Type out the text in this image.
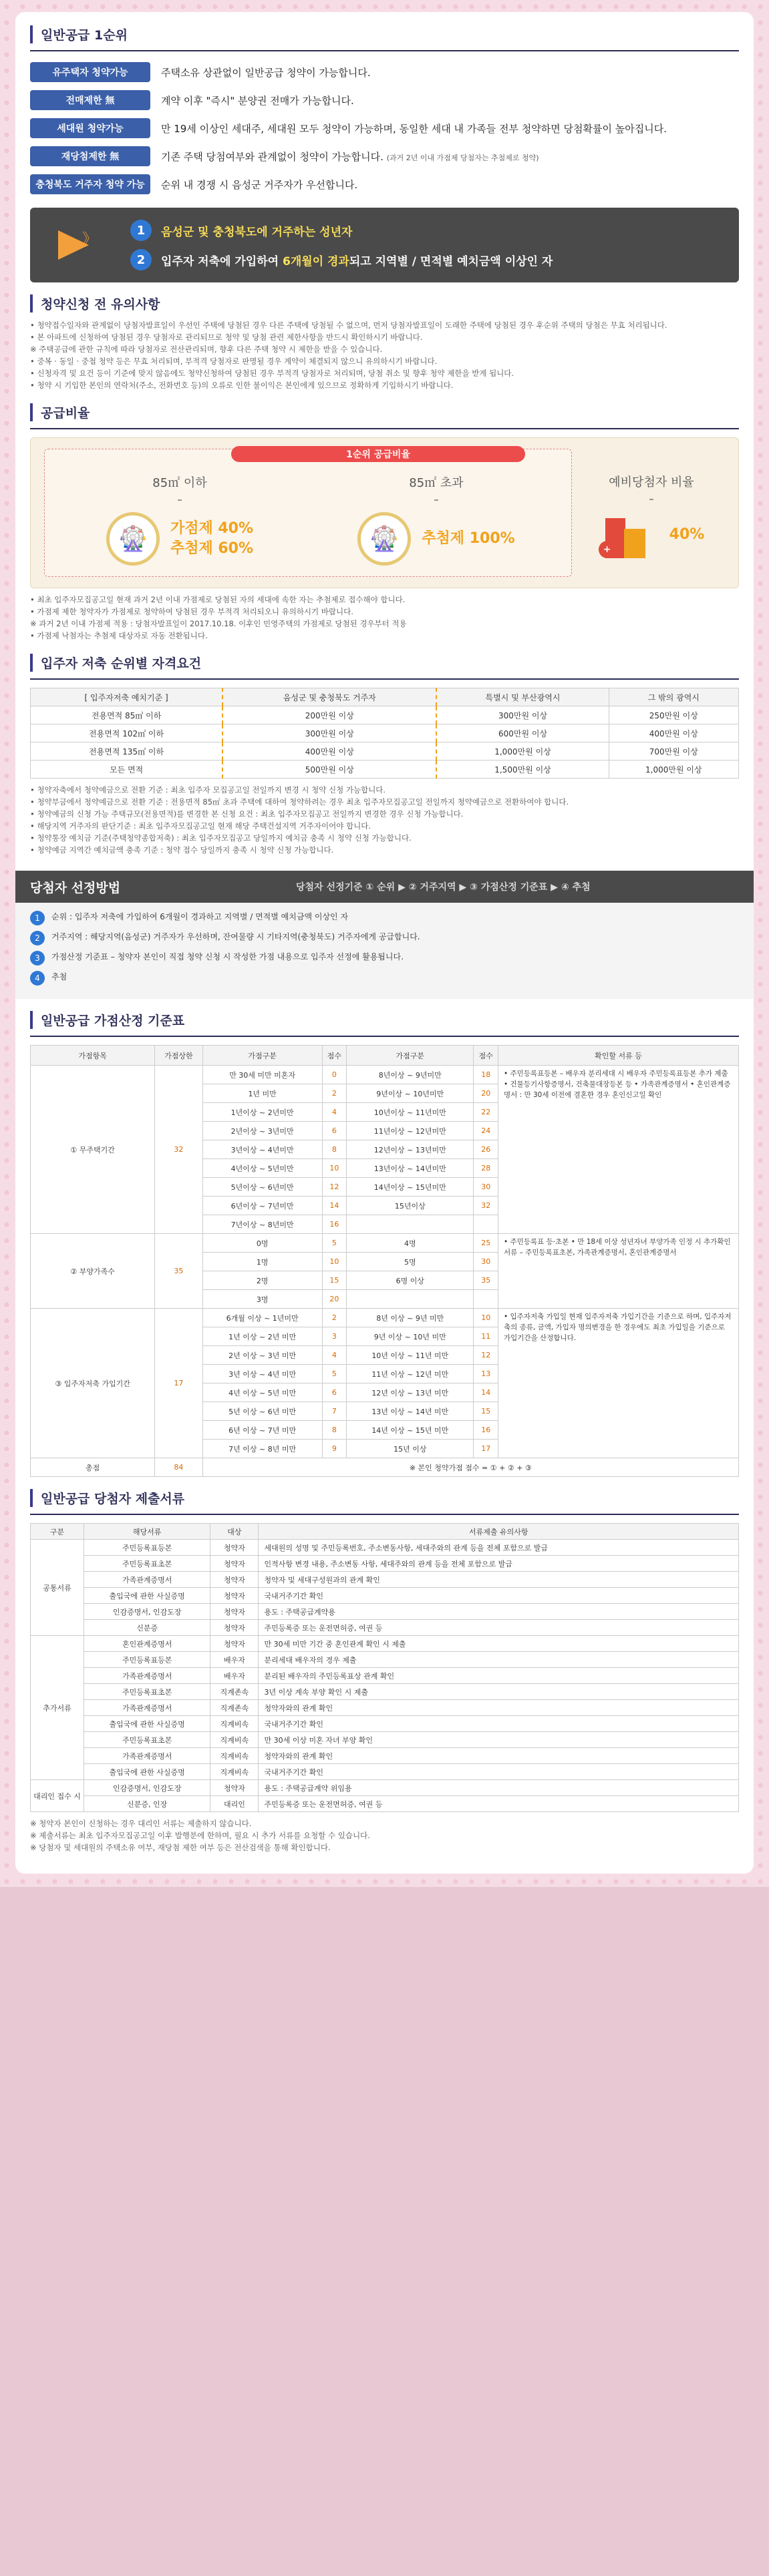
일반공급 1순위
유주택자 청약가능	주택소유 상관없이 일반공급 청약이 가능합니다.
전매제한 無	계약 이후 "즉시" 분양권 전매가 가능합니다.
세대원 청약가능	만 19세 이상인 세대주, 세대원 모두 청약이 가능하며, 동일한 세대 내 가족들 전부 청약하면 당첨확률이 높아집니다.
재당첨제한 無	기존 주택 당첨여부와 관계없이 청약이 가능합니다. (과거 2년 이내 가점제 당첨자는 추첨제로 청약)
충청북도 거주자 청약 가능	순위 내 경쟁 시 음성군 거주자가 우선합니다.
》
1	음성군 및 충청북도에 거주하는 성년자
2	입주자 저축에 가입하여 6개월이 경과되고 지역별 / 면적별 예치금액 이상인 자
청약신청 전 유의사항

• 청약접수일자와 관계없이 당첨자발표일이 우선인 주택에 당첨된 경우 다른 주택에 당첨될 수 없으며, 먼저 당첨자발표일이 도래한 주택에 당첨된 경우 후순위 주택의 당첨은 무효 처리됩니다.

• 본 아파트에 신청하여 당첨된 경우 당첨자로 관리되므로 청약 및 당첨 관련 제한사항을 반드시 확인하시기 바랍니다.

※ 주택공급에 관한 규칙에 따라 당첨자로 전산관리되며, 향후 다른 주택 청약 시 제한을 받을 수 있습니다.

• 중복 · 동일 · 중첩 청약 등은 무효 처리되며, 부적격 당첨자로 판명될 경우 계약이 체결되지 않으니 유의하시기 바랍니다.

• 신청자격 및 요건 등이 기준에 맞지 않음에도 청약신청하여 당첨된 경우 부적격 당첨자로 처리되며, 당첨 취소 및 향후 청약 제한을 받게 됩니다.

• 청약 시 기입한 본인의 연락처(주소, 전화번호 등)의 오류로 인한 불이익은 본인에게 있으므로 정확하게 기입하시기 바랍니다.

공급비율
1순위 공급비율
85㎡ 이하
–
🎡	가점제 40%
추첨제 60%
85㎡ 초과
–
🎡	추첨제 100%
예비당첨자 비율
–
+
40%

• 최초 입주자모집공고일 현재 과거 2년 이내 가점제로 당첨된 자의 세대에 속한 자는 추첨제로 접수해야 합니다.

• 가점제 제한 청약자가 가점제로 청약하여 당첨된 경우 부적격 처리되오니 유의하시기 바랍니다.

※ 과거 2년 이내 가점제 적용 : 당첨자발표일이 2017.10.18. 이후인 민영주택의 가점제로 당첨된 경우부터 적용

• 가점제 낙첨자는 추첨제 대상자로 자동 전환됩니다.

입주자 저축 순위별 자격요건
[ 입주자저축 예치기준 ]	음성군 및 충청북도 거주자	특별시 및 부산광역시	그 밖의 광역시
전용면적 85㎡ 이하	200만원 이상	300만원 이상	250만원 이상
전용면적 102㎡ 이하	300만원 이상	600만원 이상	400만원 이상
전용면적 135㎡ 이하	400만원 이상	1,000만원 이상	700만원 이상
모든 면적	500만원 이상	1,500만원 이상	1,000만원 이상

• 청약자축에서 청약예금으로 전환 기준 : 최초 입주자 모집공고일 전일까지 변경 시 청약 신청 가능합니다.

• 청약부금에서 청약예금으로 전환 기준 : 전용면적 85㎡ 초과 주택에 대하여 청약하려는 경우 최초 입주자모집공고일 전일까지 청약예금으로 전환하여야 합니다.

• 청약예금의 신청 가능 주택규모(전용면적)를 변경한 본 신청 요건 : 최초 입주자모집공고 전일까지 변경한 경우 신청 가능합니다.

• 해당지역 거주자의 판단기준 : 최초 입주자모집공고일 현재 해당 주택건설지역 거주자이어야 합니다.

• 청약통장 예치금 기준(주택청약종합저축) : 최초 입주자모집공고 당일까지 예치금 충족 시 청약 신청 가능합니다.

• 청약예금 지역간 예치금액 충족 기준 : 청약 접수 당일까지 충족 시 청약 신청 가능합니다.

당첨자 선정방법	당첨자 선정기준 ① 순위 ▶ ② 거주지역 ▶ ③ 가점산정 기준표 ▶ ④ 추첨
1	순위 : 입주자 저축에 가입하여 6개월이 경과하고 지역별 / 면적별 예치금액 이상인 자
2	거주지역 : 해당지역(음성군) 거주자가 우선하며, 잔여물량 시 기타지역(충청북도) 거주자에게 공급합니다.
3	가점산정 기준표 – 청약자 본인이 직접 청약 신청 시 작성한 가점 내용으로 입주자 선정에 활용됩니다.
4	추첨
일반공급 가점산정 기준표
가점항목	가점상한	가점구분	점수	가점구분	점수	확인할 서류 등
① 무주택기간	32	만 30세 미만 미혼자	0	8년이상 ~ 9년미만	18	• 주민등록표등본 – 배우자 분리세대 시 배우자 주민등록표등본 추가 제출 • 건물등기사항증명서, 건축물대장등본 등 • 가족관계증명서 • 혼인관계증명서 : 만 30세 이전에 결혼한 경우 혼인신고일 확인
		1년 미만	2	9년이상 ~ 10년미만	20	
		1년이상 ~ 2년미만	4	10년이상 ~ 11년미만	22	
		2년이상 ~ 3년미만	6	11년이상 ~ 12년미만	24	
		3년이상 ~ 4년미만	8	12년이상 ~ 13년미만	26	
		4년이상 ~ 5년미만	10	13년이상 ~ 14년미만	28	
		5년이상 ~ 6년미만	12	14년이상 ~ 15년미만	30	
		6년이상 ~ 7년미만	14	15년이상	32	
		7년이상 ~ 8년미만	16			
② 부양가족수	35	0명	5	4명	25	• 주민등록표 등·초본 • 만 18세 이상 성년자녀 부양가족 인정 시 추가확인서류 – 주민등록표초본, 가족관계증명서, 혼인관계증명서
		1명	10	5명	30	
		2명	15	6명 이상	35	
		3명	20			
③ 입주자저축 가입기간	17	6개월 이상 ~ 1년미만	2	8년 이상 ~ 9년 미만	10	• 입주자저축 가입일 현재 입주자저축 가입기간을 기준으로 하며, 입주자저축의 종류, 금액, 가입자 명의변경을 한 경우에도 최초 가입일을 기준으로 가입기간을 산정합니다.
		1년 이상 ~ 2년 미만	3	9년 이상 ~ 10년 미만	11	
		2년 이상 ~ 3년 미만	4	10년 이상 ~ 11년 미만	12	
		3년 이상 ~ 4년 미만	5	11년 이상 ~ 12년 미만	13	
		4년 이상 ~ 5년 미만	6	12년 이상 ~ 13년 미만	14	
		5년 이상 ~ 6년 미만	7	13년 이상 ~ 14년 미만	15	
		6년 이상 ~ 7년 미만	8	14년 이상 ~ 15년 미만	16	
		7년 이상 ~ 8년 미만	9	15년 이상	17	
총점	84	※ 본인 청약가점 점수 = ① + ② + ③				
일반공급 당첨자 제출서류
구분	해당서류	대상	서류제출 유의사항
공통서류	주민등록표등본	청약자	세대원의 성명 및 주민등록번호, 주소변동사항, 세대주와의 관계 등을 전체 포함으로 발급
	주민등록표초본	청약자	인적사항 변경 내용, 주소변동 사항, 세대주와의 관계 등을 전체 포함으로 발급
	가족관계증명서	청약자	청약자 및 세대구성원과의 관계 확인
	출입국에 관한 사실증명	청약자	국내거주기간 확인
	인감증명서, 인감도장	청약자	용도 : 주택공급계약용
	신분증	청약자	주민등록증 또는 운전면허증, 여권 등
추가서류	혼인관계증명서	청약자	만 30세 미만 기간 중 혼인관계 확인 시 제출
	주민등록표등본	배우자	분리세대 배우자의 경우 제출
	가족관계증명서	배우자	분리된 배우자의 주민등록표상 관계 확인
	주민등록표초본	직계존속	3년 이상 계속 부양 확인 시 제출
	가족관계증명서	직계존속	청약자와의 관계 확인
	출입국에 관한 사실증명	직계비속	국내거주기간 확인
	주민등록표초본	직계비속	만 30세 이상 미혼 자녀 부양 확인
	가족관계증명서	직계비속	청약자와의 관계 확인
	출입국에 관한 사실증명	직계비속	국내거주기간 확인
대리인 접수 시	인감증명서, 인감도장	청약자	용도 : 주택공급계약 위임용
	신분증, 인장	대리인	주민등록증 또는 운전면허증, 여권 등

※ 청약자 본인이 신청하는 경우 대리인 서류는 제출하지 않습니다.

※ 제출서류는 최초 입주자모집공고일 이후 발행분에 한하며, 필요 시 추가 서류를 요청할 수 있습니다.

※ 당첨자 및 세대원의 주택소유 여부, 재당첨 제한 여부 등은 전산검색을 통해 확인합니다.
